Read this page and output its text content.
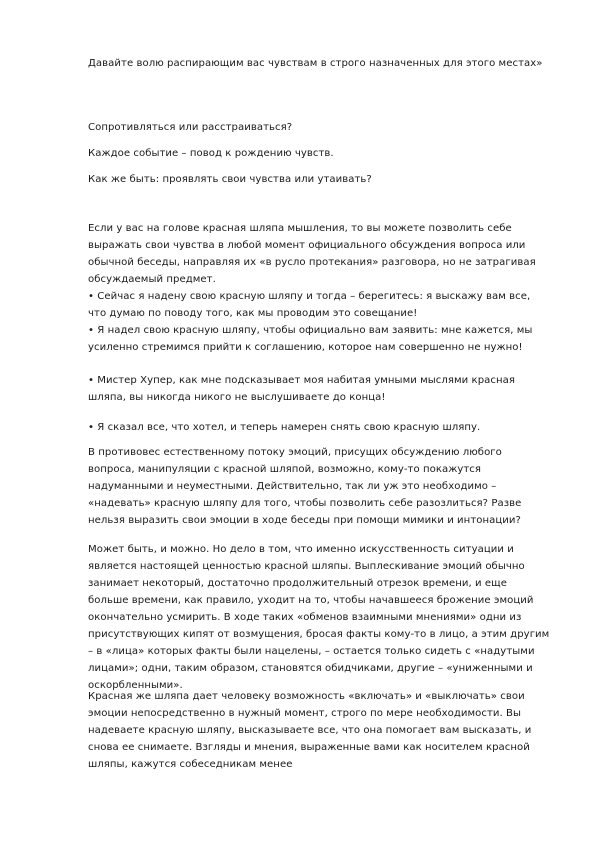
Давайте волю распирающим вас чувствам в строго назначенных для этого местах»

Сопротивляться или расстраиваться?

Каждое событие – повод к рождению чувств.

Как же быть: проявлять свои чувства или утаивать?

Если у вас на голове красная шляпа мышления, то вы можете позволить себе выражать свои чувства в любой момент официального обсуждения вопроса или обычной беседы, направляя их «в русло протекания» разговора, но не затрагивая обсуждаемый предмет.

• Сейчас я надену свою красную шляпу и тогда – берегитесь: я выскажу вам все, что думаю по поводу того, как мы проводим это совещание!

• Я надел свою красную шляпу, чтобы официально вам заявить: мне кажется, мы усиленно стремимся прийти к соглашению, которое нам совершенно не нужно!

• Мистер Хупер, как мне подсказывает моя набитая умными мыслями красная шляпа, вы никогда никого не выслушиваете до конца!

• Я сказал все, что хотел, и теперь намерен снять свою красную шляпу.

В противовес естественному потоку эмоций, присущих обсуждению любого вопроса, манипуляции с красной шляпой, возможно, кому-то покажутся надуманными и неуместными. Действительно, так ли уж это необходимо – «надевать» красную шляпу для того, чтобы позволить себе разозлиться? Разве нельзя выразить свои эмоции в ходе беседы при помощи мимики и интонации?

Может быть, и можно. Но дело в том, что именно искусственность ситуации и является настоящей ценностью красной шляпы. Выплескивание эмоций обычно занимает некоторый, достаточно продолжительный отрезок времени, и еще больше времени, как правило, уходит на то, чтобы начавшееся брожение эмоций окончательно усмирить. В ходе таких «обменов взаимными мнениями» одни из присутствующих кипят от возмущения, бросая факты кому-то в лицо, а этим другим – в «лица» которых факты были нацелены, – остается только сидеть с «надутыми лицами»; одни, таким образом, становятся обидчиками, другие – «униженными и оскорбленными».

Красная же шляпа дает человеку возможность «включать» и «выключать» свои эмоции непосредственно в нужный момент, строго по мере необходимости. Вы надеваете красную шляпу, высказываете все, что она помогает вам высказать, и снова ее снимаете. Взгляды и мнения, выраженные вами как носителем красной шляпы, кажутся собеседникам менее
